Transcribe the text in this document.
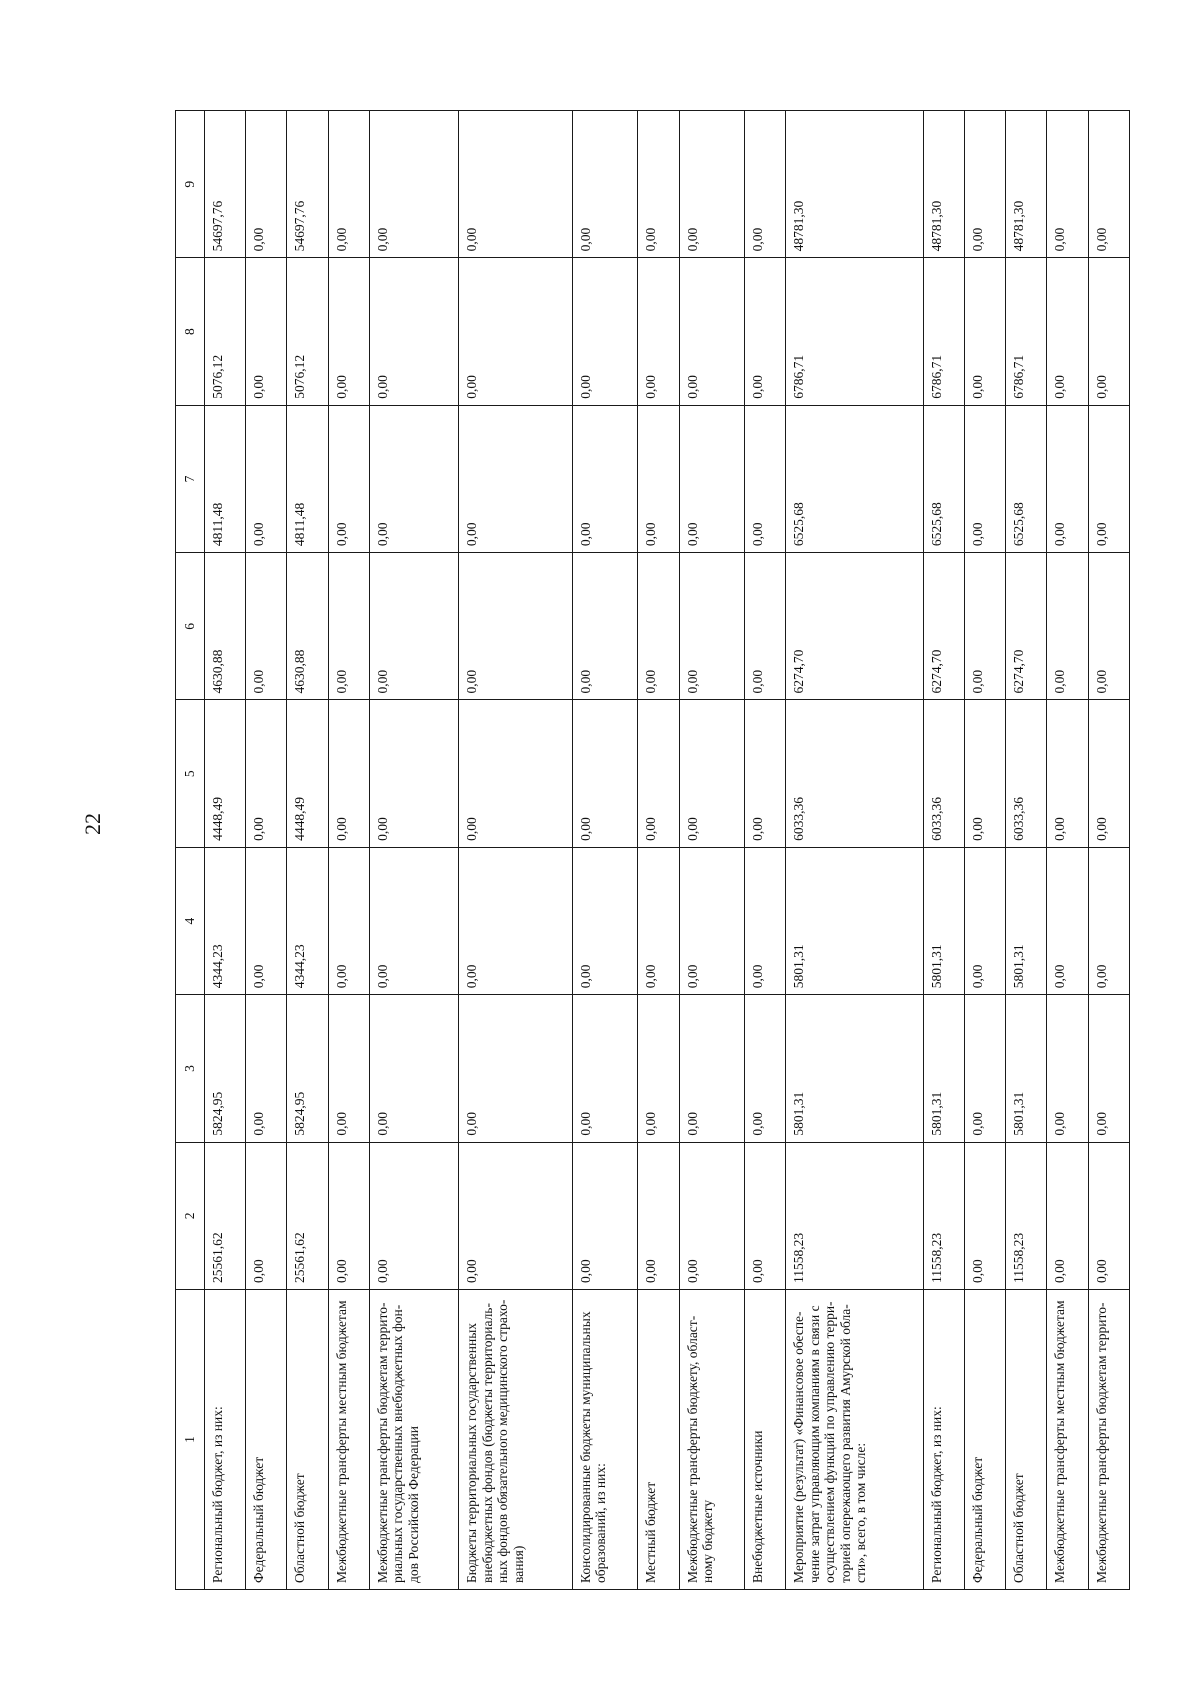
22
1	2	3	4	5	6	7	8	9
Региональный бюджет, из них:	25561,62	5824,95	4344,23	4448,49	4630,88	4811,48	5076,12	54697,76
Федеральный бюджет	0,00	0,00	0,00	0,00	0,00	0,00	0,00	0,00
Областной бюджет	25561,62	5824,95	4344,23	4448,49	4630,88	4811,48	5076,12	54697,76
Межбюджетные трансферты местным бюджетам	0,00	0,00	0,00	0,00	0,00	0,00	0,00	0,00
Межбюджетные трансферты бюджетам террито-риальных государственных внебюджетных фон-дов Российской Федерации	0,00	0,00	0,00	0,00	0,00	0,00	0,00	0,00
Бюджеты территориальных государственных внебюджетных фондов (бюджеты территориаль-ных фондов обязательного медицинского страхо-вания)	0,00	0,00	0,00	0,00	0,00	0,00	0,00	0,00
Консолидированные бюджеты муниципальных образований, из них:	0,00	0,00	0,00	0,00	0,00	0,00	0,00	0,00
Местный бюджет	0,00	0,00	0,00	0,00	0,00	0,00	0,00	0,00
Межбюджетные трансферты бюджету, област-ному бюджету	0,00	0,00	0,00	0,00	0,00	0,00	0,00	0,00
Внебюджетные источники	0,00	0,00	0,00	0,00	0,00	0,00	0,00	0,00
Мероприятие (результат) «Финансовое обеспе-чение затрат управляющим компаниям в связи с осуществлением функций по управлению терри-торией опережающего развития Амурской обла-сти», всего, в том числе:	11558,23	5801,31	5801,31	6033,36	6274,70	6525,68	6786,71	48781,30
Региональный бюджет, из них:	11558,23	5801,31	5801,31	6033,36	6274,70	6525,68	6786,71	48781,30
Федеральный бюджет	0,00	0,00	0,00	0,00	0,00	0,00	0,00	0,00
Областной бюджет	11558,23	5801,31	5801,31	6033,36	6274,70	6525,68	6786,71	48781,30
Межбюджетные трансферты местным бюджетам	0,00	0,00	0,00	0,00	0,00	0,00	0,00	0,00
Межбюджетные трансферты бюджетам террито-	0,00	0,00	0,00	0,00	0,00	0,00	0,00	0,00
